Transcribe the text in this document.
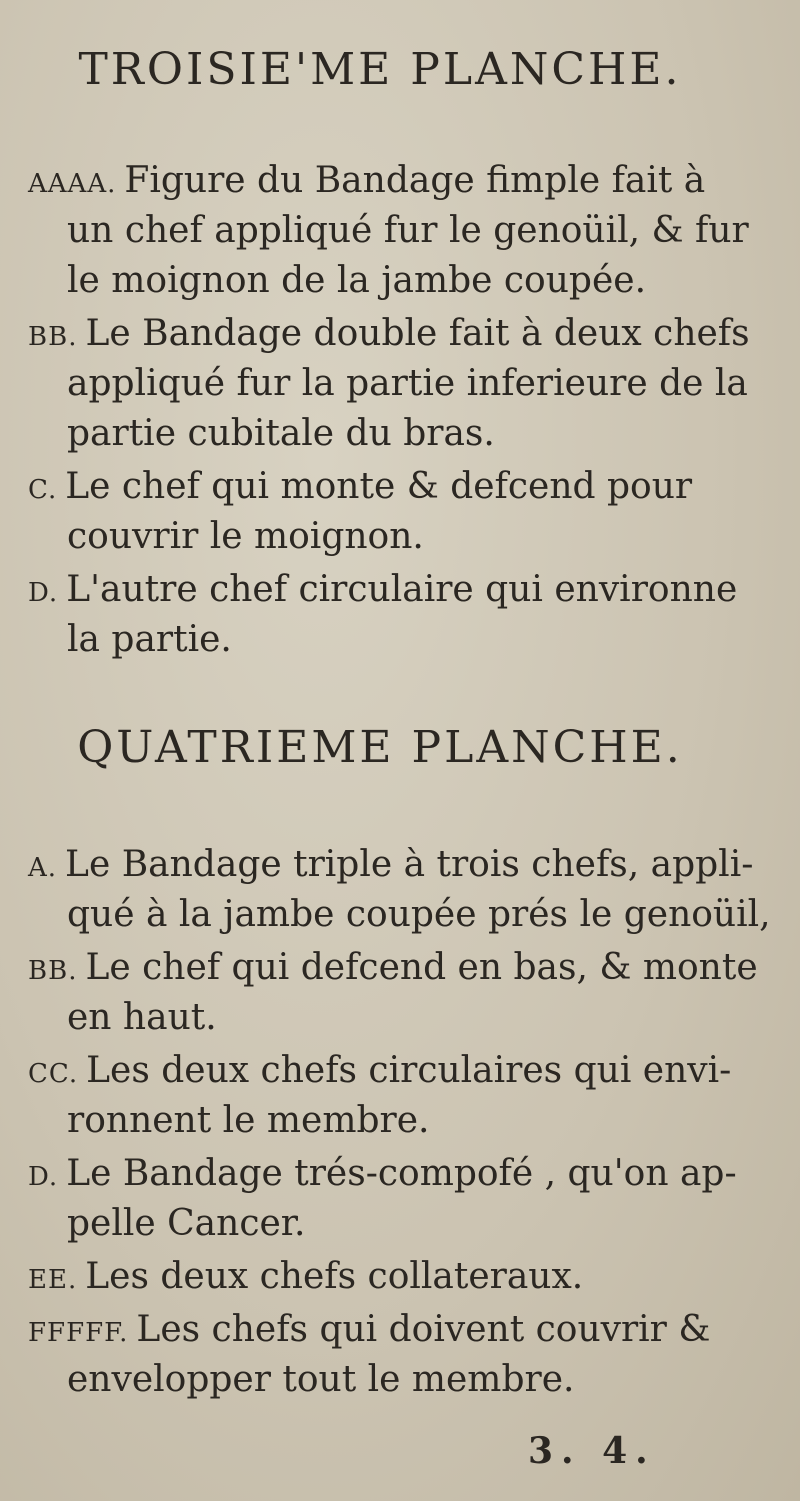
TROISIE'ME PLANCHE.
AAAA. Figure du Bandage fimple fait à
un chef appliqué fur le genoüil, & fur
le moignon de la jambe coupée.
BB. Le Bandage double fait à deux chefs
appliqué fur la partie inferieure de la
partie cubitale du bras.
C. Le chef qui monte & defcend pour
couvrir le moignon.
D. L'autre chef circulaire qui environne
la partie.
QUATRIEME PLANCHE.
A. Le Bandage triple à trois chefs, appli-
qué à la jambe coupée prés le genoüil,
BB. Le chef qui defcend en bas, & monte
en haut.
CC. Les deux chefs circulaires qui envi-
ronnent le membre.
D. Le Bandage trés-compofé , qu'on ap-
pelle Cancer.
EE. Les deux chefs collateraux.
FFFFF. Les chefs qui doivent couvrir &
envelopper tout le membre.
3. 4.
